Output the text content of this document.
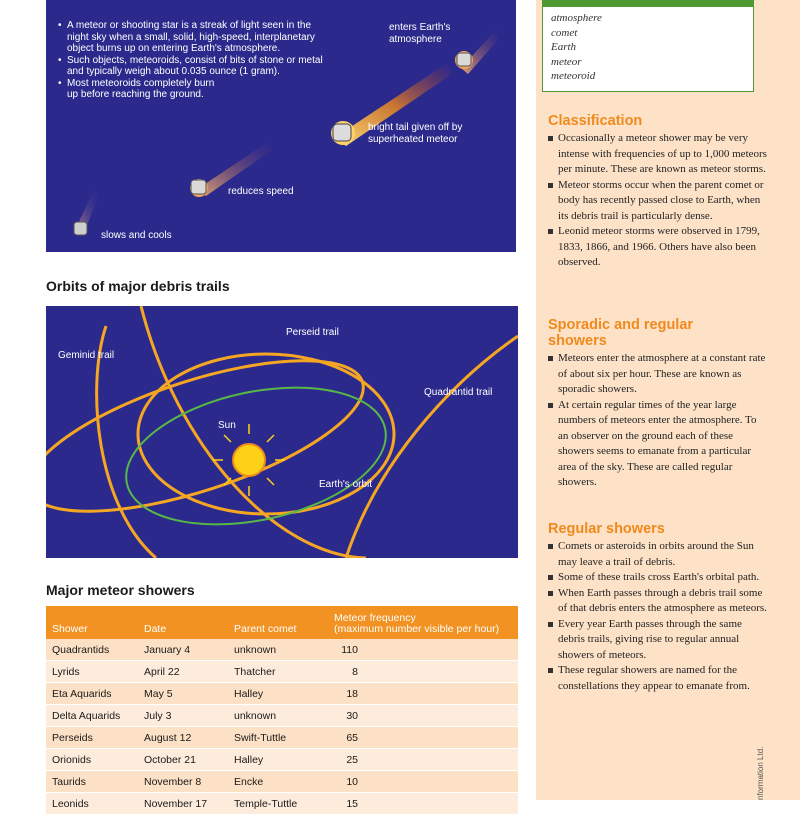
• A meteor or shooting star is a streak of light seen in the night sky when a small, solid, high-speed, interplanetary object burns up on entering Earth's atmosphere.
• Such objects, meteoroids, consist of bits of stone or metal and typically weigh about 0.035 ounce (1 gram).
• Most meteoroids completely burn up before reaching the ground.
enters Earth's atmosphere
bright tail given off by superheated meteor
reduces speed
slows and cools
Orbits of major debris trails
Geminid trail
Perseid trail
Quadrantid trail
Sun
Earth's orbit
Major meteor showers
Shower	Date	Parent comet	Meteor frequency
(maximum number visible per hour)

Quadrantids	January 4	unknown	110
Lyrids	April 22	Thatcher	8
Eta Aquarids	May 5	Halley	18
Delta Aquarids	July 3	unknown	30
Perseids	August 12	Swift-Tuttle	65
Orionids	October 21	Halley	25
Taurids	November 8	Encke	10
Leonids	November 17	Temple-Tuttle	15
atmosphere
comet
Earth
meteor
meteoroid
Classification
Occasionally a meteor shower may be very intense with frequencies of up to 1,000 meteors per minute. These are known as meteor storms.
Meteor storms occur when the parent comet or body has recently passed close to Earth, when its debris trail is particularly dense.
Leonid meteor storms were observed in 1799, 1833, 1866, and 1966. Others have also been observed.
Sporadic and regular showers
Meteors enter the atmosphere at a constant rate of about six per hour. These are known as sporadic showers.
At certain regular times of the year large numbers of meteors enter the atmosphere. To an observer on the ground each of these showers seems to emanate from a particular area of the sky. These are called regular showers.
Regular showers
Comets or asteroids in orbits around the Sun may leave a trail of debris.
Some of these trails cross Earth's orbital path.
When Earth passes through a debris trail some of that debris enters the atmosphere as meteors.
Every year Earth passes through the same debris trails, giving rise to regular annual showers of meteors.
These regular showers are named for the constellations they appear to emanate from.
nformation Ltd.
